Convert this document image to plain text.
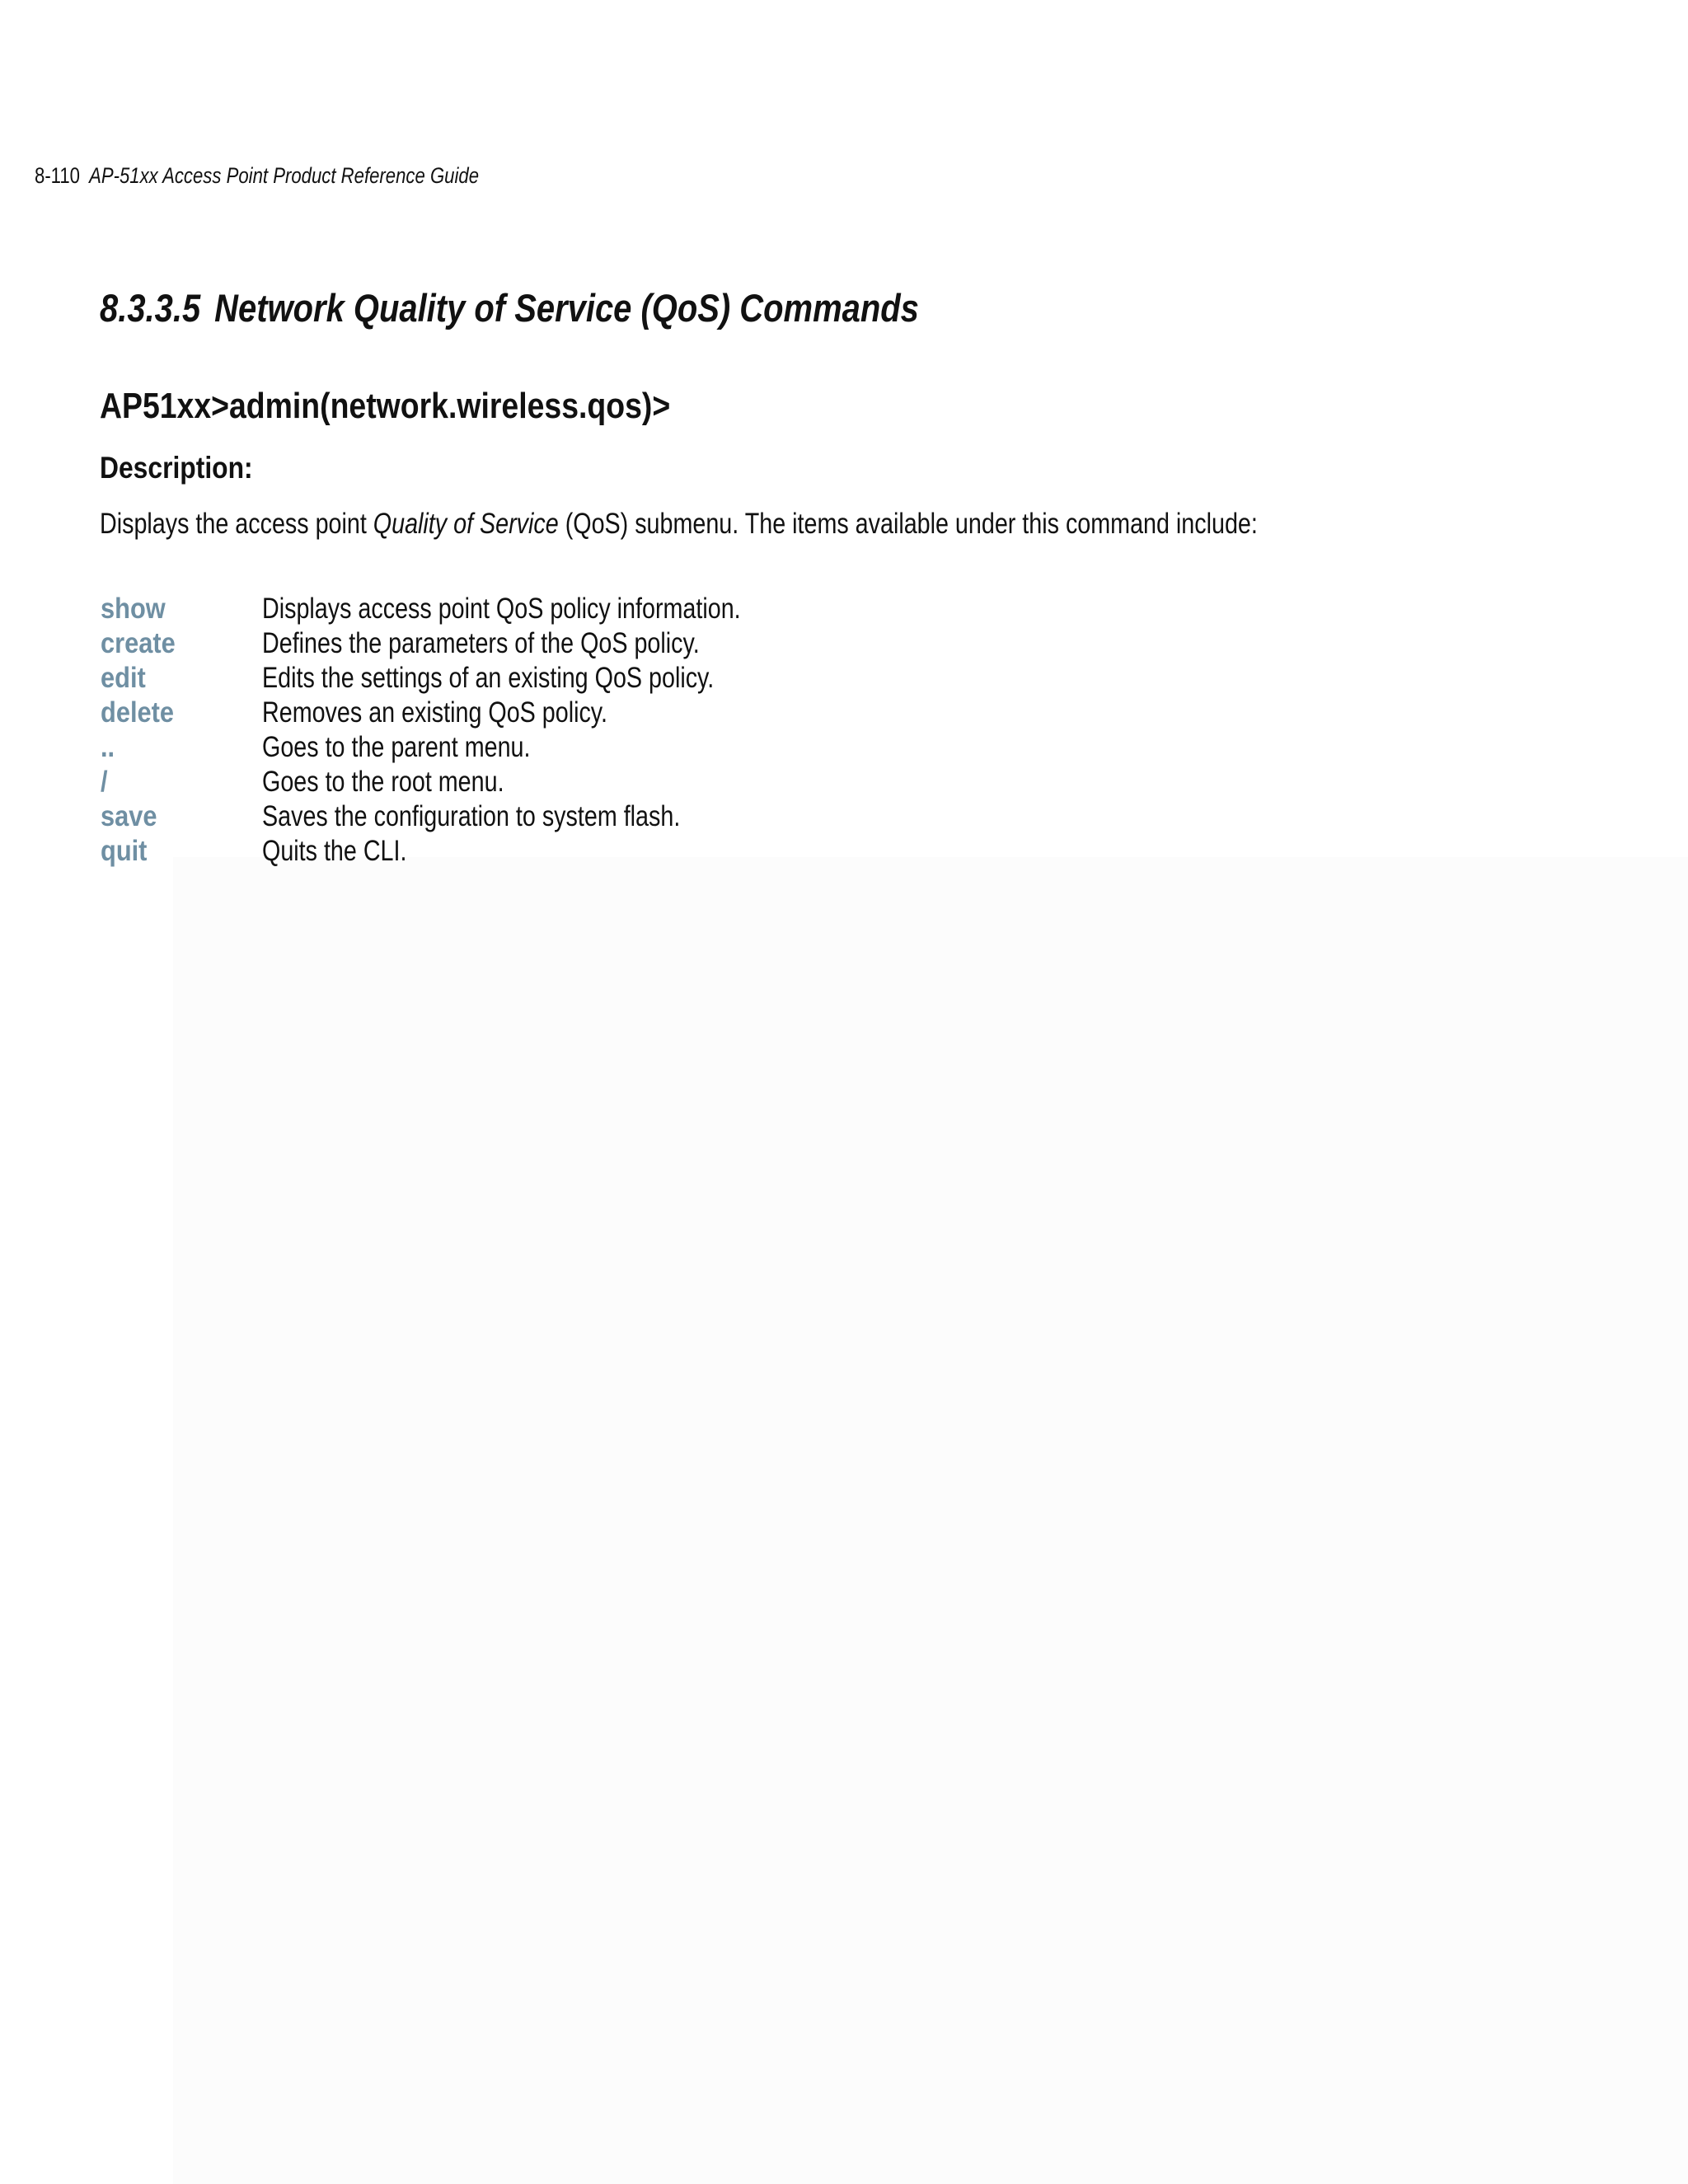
8-110 AP-51xx Access Point Product Reference Guide
8.3.3.5 Network Quality of Service (QoS) Commands
AP51xx>admin(network.wireless.qos)>
Description:

Displays the access point Quality of Service (QoS) submenu. The items available under this command include:

show	Displays access point QoS policy information.
create	Defines the parameters of the QoS policy.
edit	Edits the settings of an existing QoS policy.
delete	Removes an existing QoS policy.
..	Goes to the parent menu.
/	Goes to the root menu.
save	Saves the configuration to system flash.
quit	Quits the CLI.
